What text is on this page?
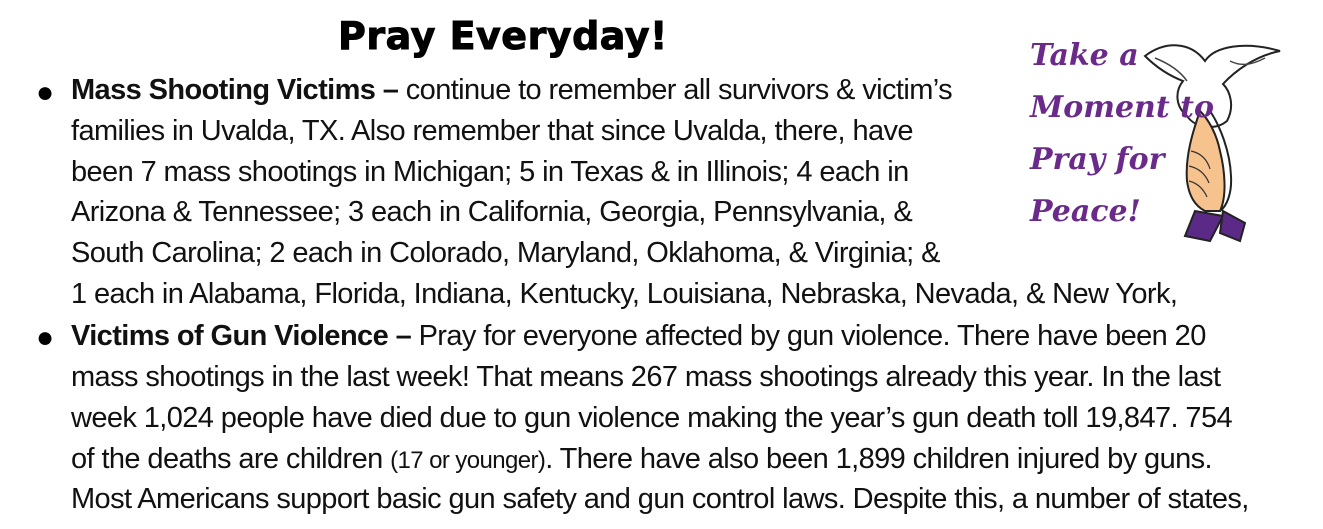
Pray Everyday!	Take a
Moment to
Pray for
Peace!
● Mass Shooting Victims – continue to remember all survivors & victim’s
families in Uvalda, TX. Also remember that since Uvalda, there, have
been 7 mass shootings in Michigan; 5 in Texas & in Illinois; 4 each in
Arizona & Tennessee; 3 each in California, Georgia, Pennsylvania, &
South Carolina; 2 each in Colorado, Maryland, Oklahoma, & Virginia; &
1 each in Alabama, Florida, Indiana, Kentucky, Louisiana, Nebraska, Nevada, & New York,
● Victims of Gun Violence – Pray for everyone affected by gun violence. There have been 20
mass shootings in the last week! That means 267 mass shootings already this year. In the last
week 1,024 people have died due to gun violence making the year’s gun death toll 19,847. 754
of the deaths are children (17 or younger). There have also been 1,899 children injured by guns.
Most Americans support basic gun safety and gun control laws. Despite this, a number of states,
